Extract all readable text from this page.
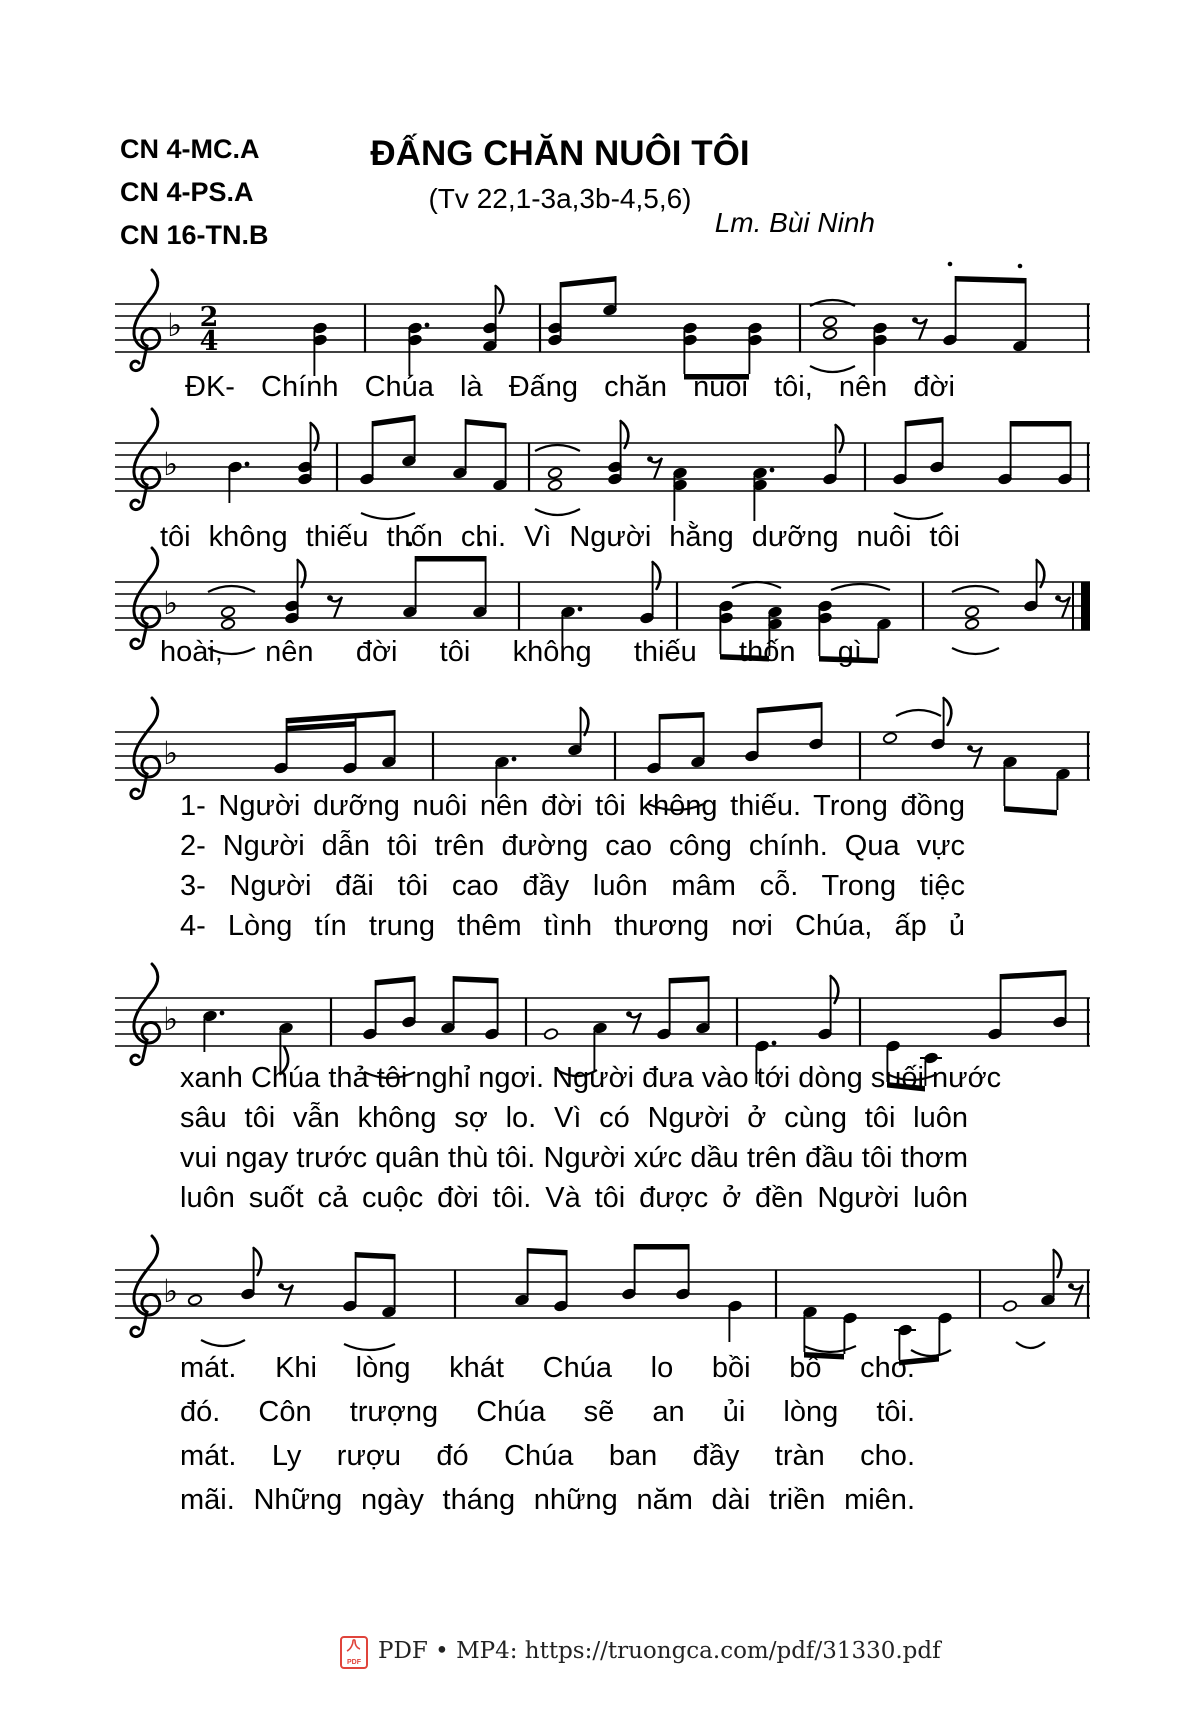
CN 4-MC.A
CN 4-PS.A
CN 16-TN.B
ĐẤNG CHĂN NUÔI TÔI
(Tv 22,1-3a,3b-4,5,6)
Lm. Bùi Ninh
♭ 2
4
♭
♭
♭
♭
♭
ĐK- Chính Chúa là Đấng chăn nuôi tôi, nên đời
tôi không thiếu thốn chi. Vì Người hằng dưỡng nuôi tôi
hoài, nên đời tôi không thiếu thốn gì.
1- Người dưỡng nuôi nên đời tôi không thiếu. Trong đồng
2- Người dẫn tôi trên đường cao công chính. Qua vực
3- Người đãi tôi cao đầy luôn mâm cỗ. Trong tiệc
4- Lòng tín trung thêm tình thương nơi Chúa, ấp ủ
xanh Chúa thả tôi nghỉ ngơi. Người đưa vào tới dòng suối nước
sâu tôi vẫn không sợ lo. Vì có Người ở cùng tôi luôn
vui ngay trước quân thù tôi. Người xức dầu trên đầu tôi thơm
luôn suốt cả cuộc đời tôi. Và tôi được ở đền Người luôn
mát. Khi lòng khát Chúa lo bồi bổ cho.
đó. Côn trượng Chúa sẽ an ủi lòng tôi.
mát. Ly rượu đó Chúa ban đầy tràn cho.
mãi. Những ngày tháng những năm dài triền miên.
PDF PDF • MP4: https://truongca.com/pdf/31330.pdf
